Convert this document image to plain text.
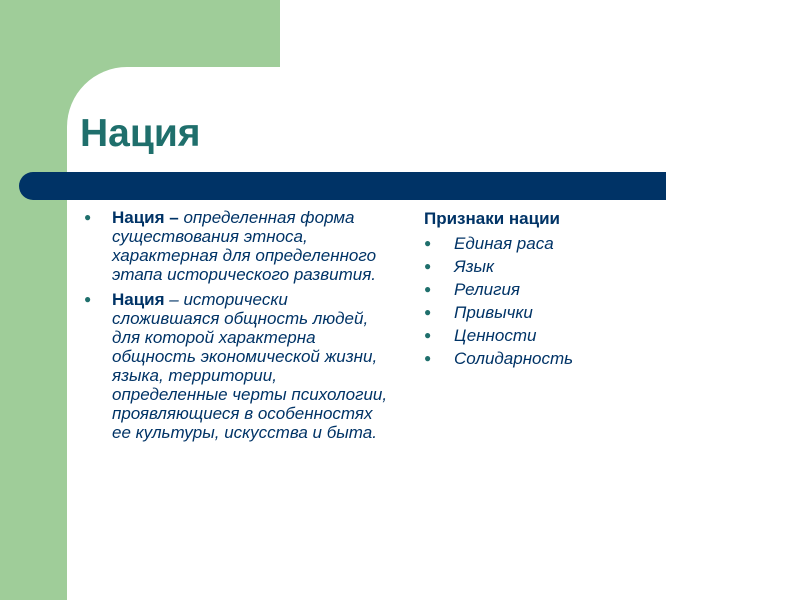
Нация
● Нация – определенная форма существования этноса, характерная для определенного этапа исторического развития.
● Нация – исторически сложившаяся общность людей, для которой характерна общность экономической жизни, языка, территории, определенные черты психологии, проявляющиеся в особенностях ее культуры, искусства и быта.
Признаки нации
● Единая раса
● Язык
● Религия
● Привычки
● Ценности
● Солидарность
